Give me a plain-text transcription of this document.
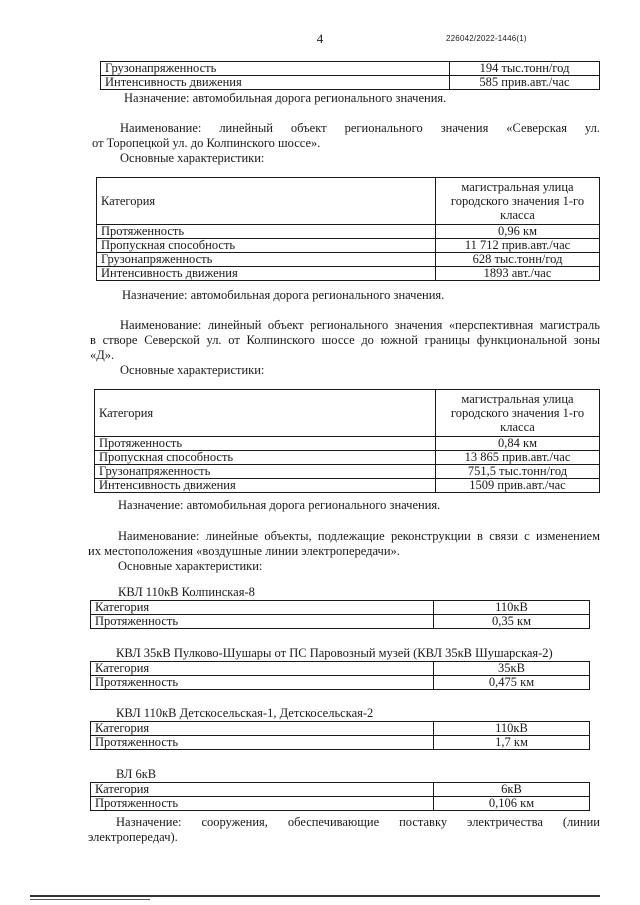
4	226042/2022-1446(1)
Грузонапряженность	194 тыс.тонн/год
Интенсивность движения	585 прив.авт./час
Назначение: автомобильная дорога регионального значения.
Наименование:   линейный   объект   регионального   значения   «Северская   ул.
от Торопецкой ул. до Колпинского шоссе».
Основные характеристики:
Категория	магистральная улица городского значения 1-го класса
Протяженность	0,96 км
Пропускная способность	11 712 прив.авт./час
Грузонапряженность	628 тыс.тонн/год
Интенсивность движения	1893 авт./час
Назначение: автомобильная дорога регионального значения.
Наименование: линейный объект регионального значения «перспективная магистраль
в створе Северской ул. от Колпинского шоссе до южной границы функциональной зоны
«Д».
Основные характеристики:
Категория	магистральная улица городского значения 1-го класса
Протяженность	0,84 км
Пропускная способность	13 865 прив.авт./час
Грузонапряженность	751,5 тыс.тонн/год
Интенсивность движения	1509 прив.авт./час
Назначение: автомобильная дорога регионального значения.
Наименование: линейные объекты, подлежащие реконструкции в связи с изменением
их местоположения «воздушные линии электропередачи».
Основные характеристики:
КВЛ 110кВ Колпинская-8
Категория	110кВ
Протяженность	0,35 км
КВЛ 35кВ Пулково-Шушары от ПС Паровозный музей (КВЛ 35кВ Шушарская-2)
Категория	35кВ
Протяженность	0,475 км
КВЛ 110кВ Детскосельская-1, Детскосельская-2
Категория	110кВ
Протяженность	1,7 км
ВЛ 6кВ
Категория	6кВ
Протяженность	0,106 км
Назначение: сооружения, обеспечивающие поставку электричества (линии
электропередач).
